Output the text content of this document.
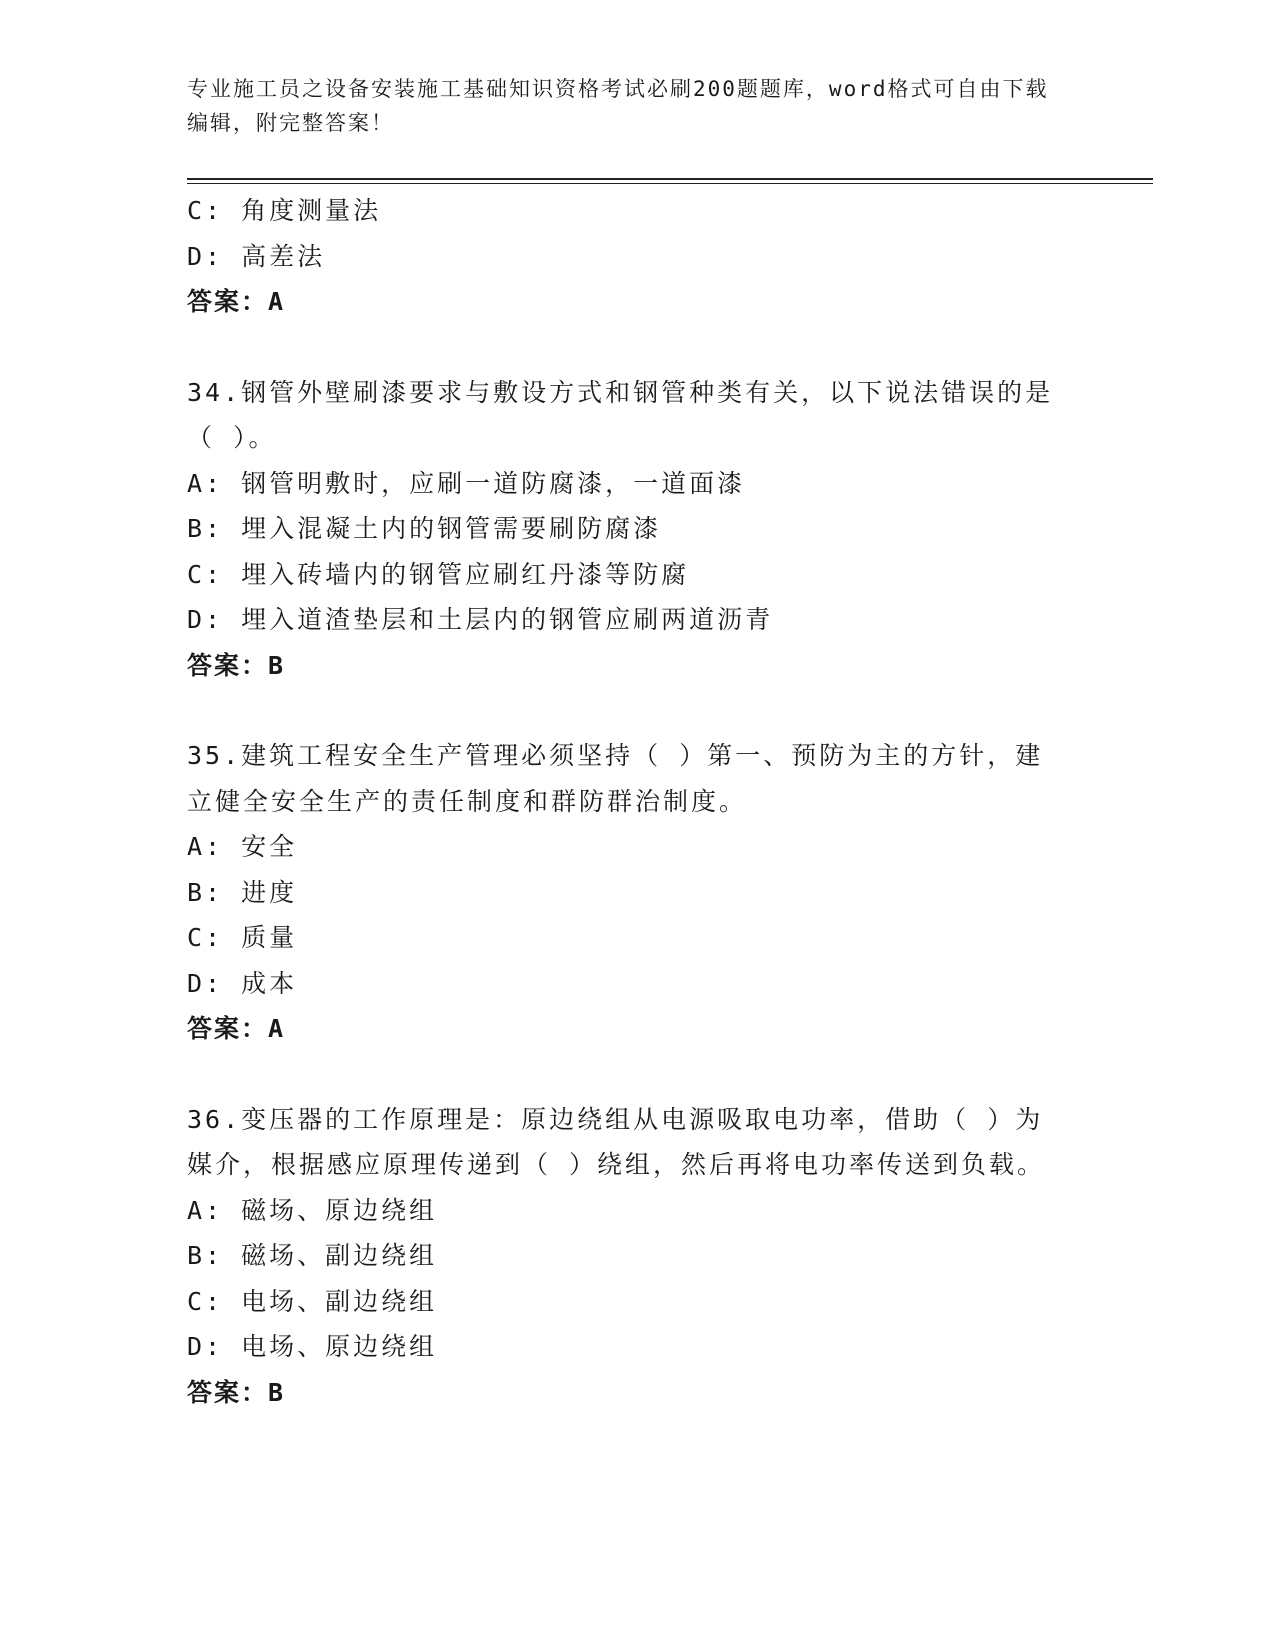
专业施工员之设备安装施工基础知识资格考试必刷200题题库，word格式可自由下载编辑，附完整答案！
C: 角度测量法
D: 高差法
答案：A
34.钢管外壁刷漆要求与敷设方式和钢管种类有关，以下说法错误的是
（ ）。
A: 钢管明敷时，应刷一道防腐漆，一道面漆
B: 埋入混凝土内的钢管需要刷防腐漆
C: 埋入砖墙内的钢管应刷红丹漆等防腐
D: 埋入道渣垫层和土层内的钢管应刷两道沥青
答案：B
35.建筑工程安全生产管理必须坚持（ ）第一、预防为主的方针，建
立健全安全生产的责任制度和群防群治制度。
A: 安全
B: 进度
C: 质量
D: 成本
答案：A
36.变压器的工作原理是：原边绕组从电源吸取电功率，借助（ ）为
媒介，根据感应原理传递到（ ）绕组，然后再将电功率传送到负载。
A: 磁场、原边绕组
B: 磁场、副边绕组
C: 电场、副边绕组
D: 电场、原边绕组
答案：B
